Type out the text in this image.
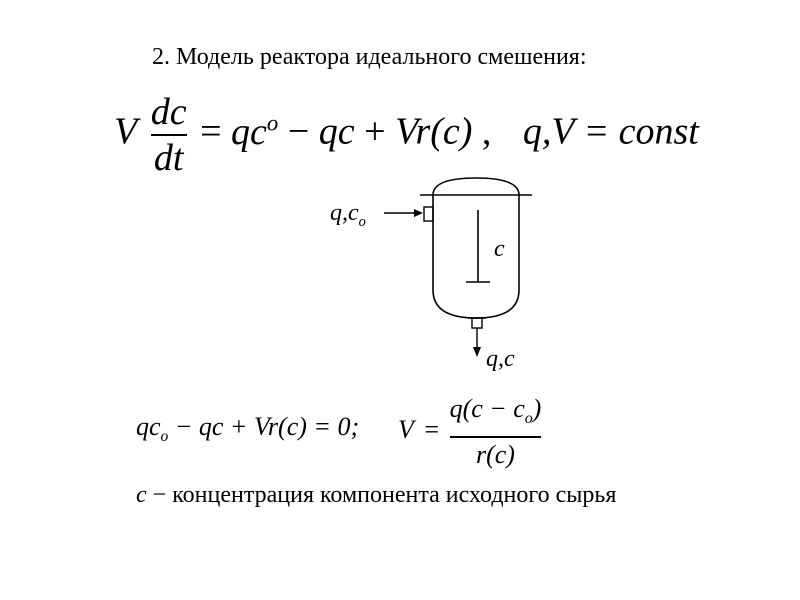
2. Модель реактора идеального смешения:
V $\frac{dc}{dt} = qc^o$ − qc + Vr(c) , q,V = const
$q,c_o$
c
q,c
$qc_o$ − qc + Vr(c) = 0; $V = \frac{q(c - c_o)}{r(c)}$
c − концентрация компонента исходного сырья
